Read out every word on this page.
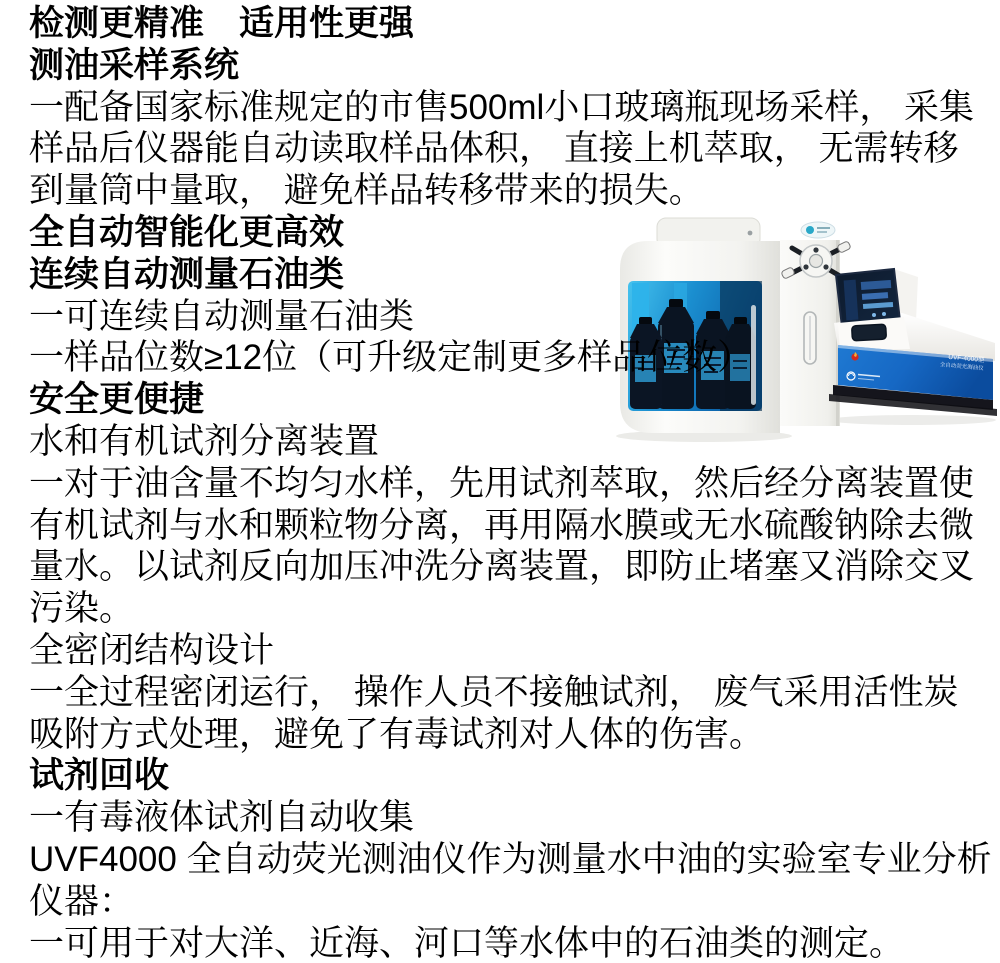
检测更精准　适用性更强
测油采样系统
一配备国家标准规定的市售500ml小口玻璃瓶现场采样， 采集
样品后仪器能自动读取样品体积， 直接上机萃取， 无需转移
到量筒中量取， 避免样品转移带来的损失。
全自动智能化更高效
连续自动测量石油类
一可连续自动测量石油类
一样品位数≥12位（可升级定制更多样品位数）
安全更便捷
水和有机试剂分离装置
一对于油含量不均匀水样，先用试剂萃取，然后经分离装置使
有机试剂与水和颗粒物分离，再用隔水膜或无水硫酸钠除去微
量水。以试剂反向加压冲洗分离装置，即防止堵塞又消除交叉
污染。
全密闭结构设计
一全过程密闭运行， 操作人员不接触试剂， 废气采用活性炭
吸附方式处理，避免了有毒试剂对人体的伤害。
试剂回收
一有毒液体试剂自动收集
UVF4000 全自动荧光测油仪作为测量水中油的实验室专业分析
仪器：
一可用于对大洋、近海、河口等水体中的石油类的测定。
UVF-4000型
全自动荧光测油仪
